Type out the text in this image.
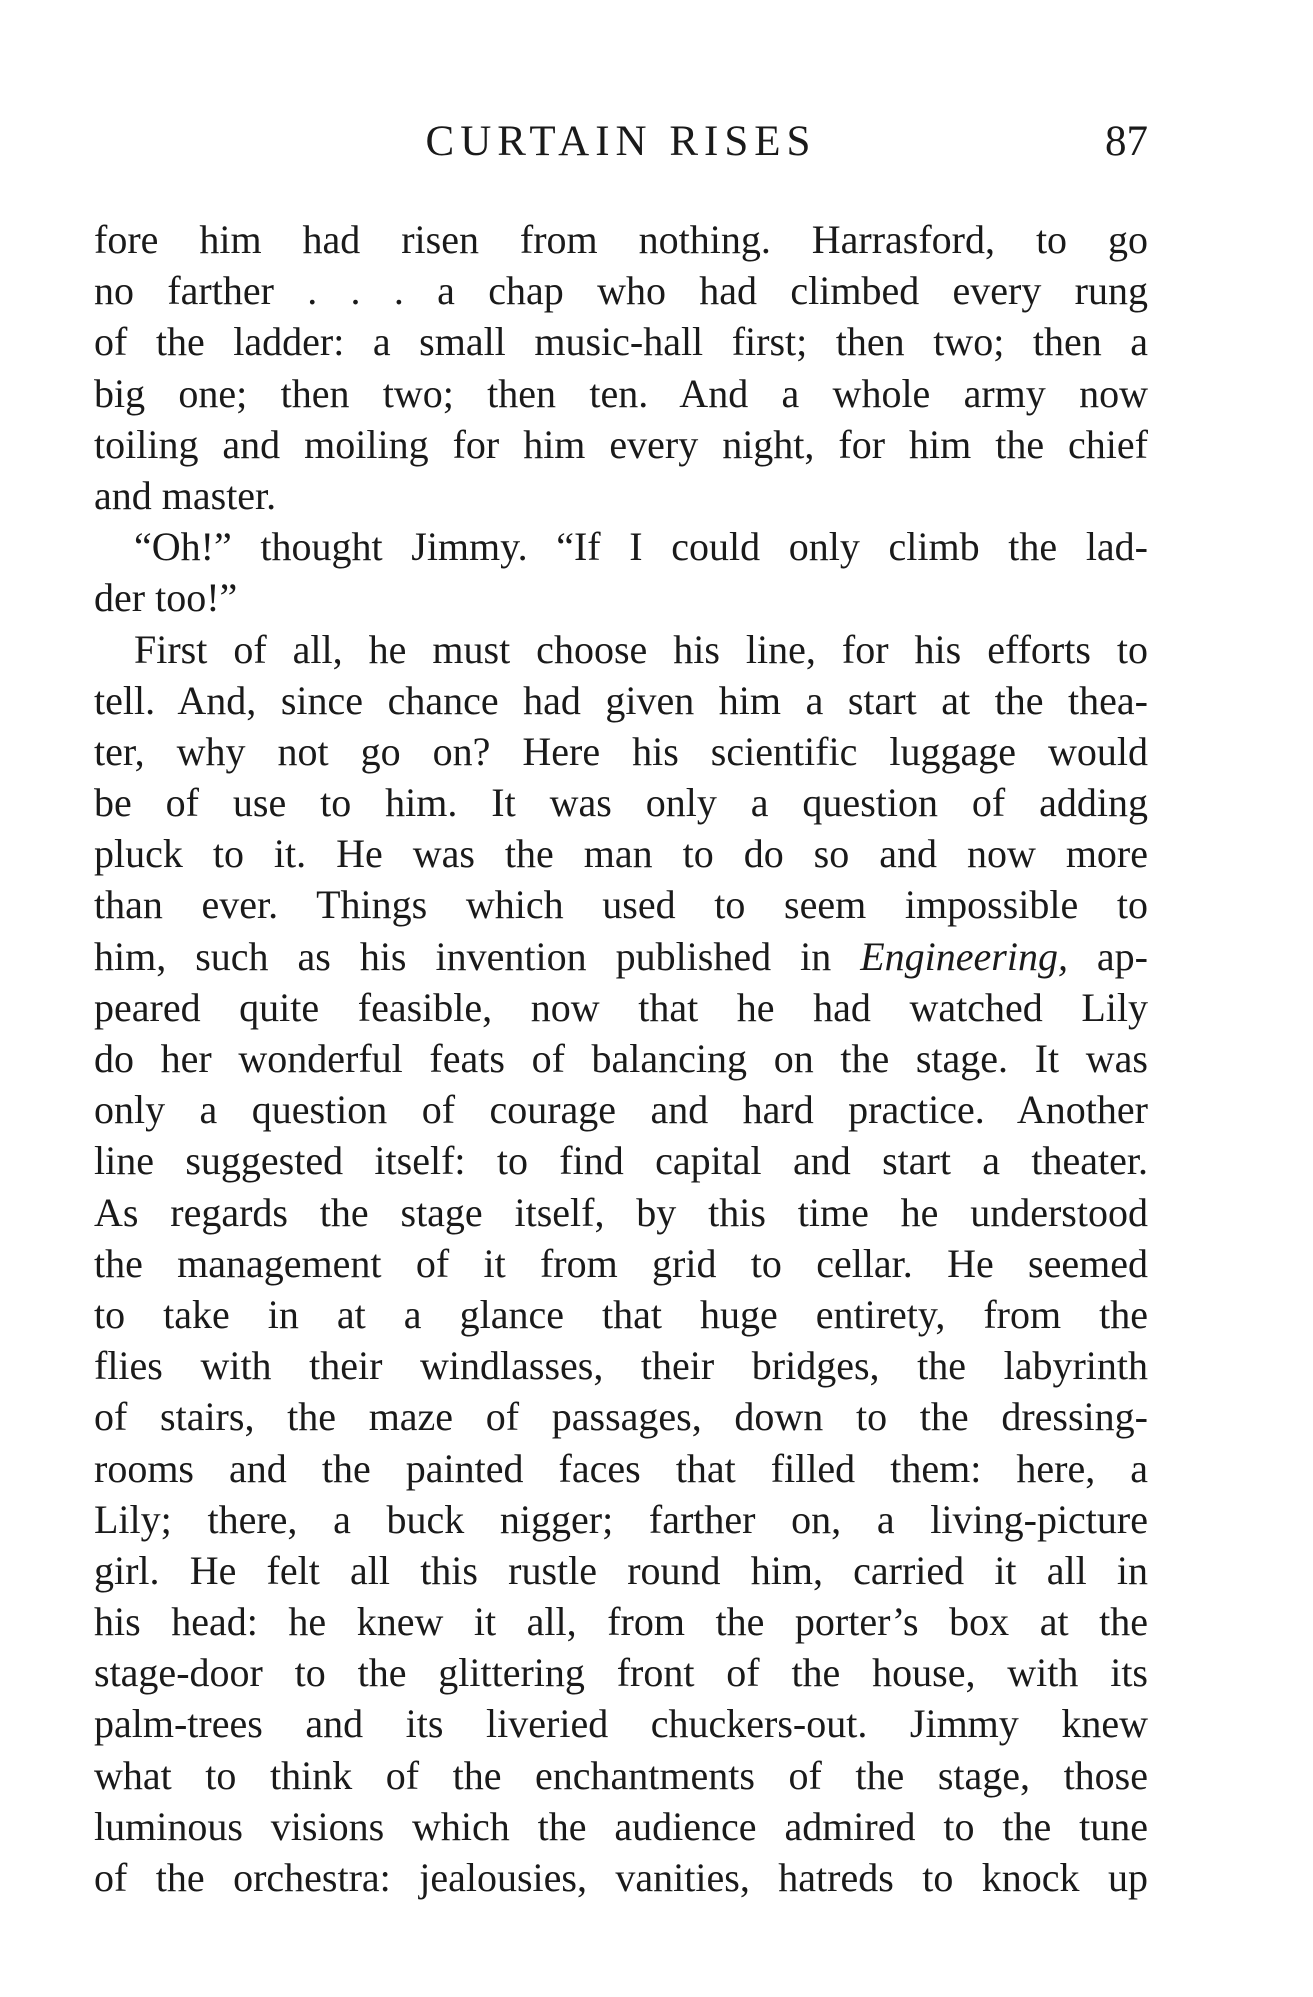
CURTAIN RISES	87
fore him had risen from nothing. Harrasford, to go
no farther . . . a chap who had climbed every rung
of the ladder: a small music-hall first; then two; then a
big one; then two; then ten. And a whole army now
toiling and moiling for him every night, for him the chief
and master.
“Oh!” thought Jimmy. “If I could only climb the lad-
der too!”
First of all, he must choose his line, for his efforts to
tell. And, since chance had given him a start at the thea-
ter, why not go on? Here his scientific luggage would
be of use to him. It was only a question of adding
pluck to it. He was the man to do so and now more
than ever. Things which used to seem impossible to
him, such as his invention published in Engineering, ap-
peared quite feasible, now that he had watched Lily
do her wonderful feats of balancing on the stage. It was
only a question of courage and hard practice. Another
line suggested itself: to find capital and start a theater.
As regards the stage itself, by this time he understood
the management of it from grid to cellar. He seemed
to take in at a glance that huge entirety, from the
flies with their windlasses, their bridges, the labyrinth
of stairs, the maze of passages, down to the dressing-
rooms and the painted faces that filled them: here, a
Lily; there, a buck nigger; farther on, a living-picture
girl. He felt all this rustle round him, carried it all in
his head: he knew it all, from the porter’s box at the
stage-door to the glittering front of the house, with its
palm-trees and its liveried chuckers-out. Jimmy knew
what to think of the enchantments of the stage, those
luminous visions which the audience admired to the tune
of the orchestra: jealousies, vanities, hatreds to knock up
